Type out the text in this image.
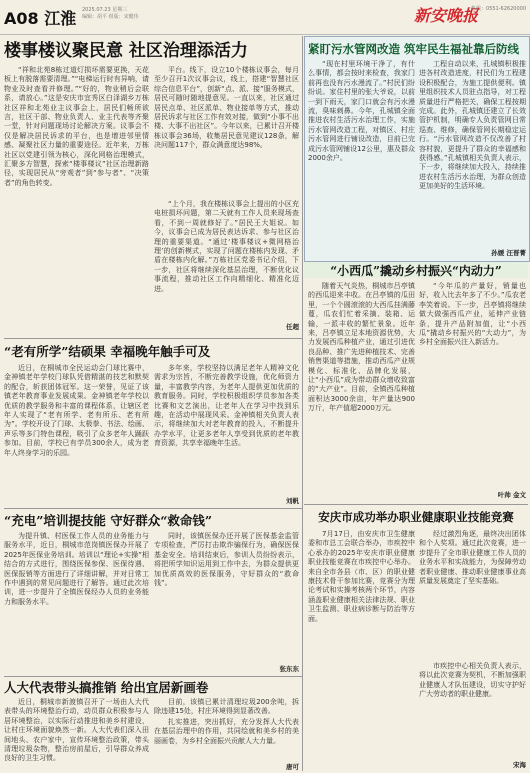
A08 江淮 2025.07.23 星期三
编辑：胡平 组版：宋健伟	新安晚报
热线：0551-62620000
楼事楼议聚民意 社区治理添活力
“祥和北苑8栋过道灯损坏需要更换，天花板上有脱落需要清理。”“电梯运行时有异响，请物业及时查看并修理。”“好的，物业稍后会联系，请放心。”这是安庆市宜秀区白泽湖乡万栋社区祥和北苑业主议事会上，居民们畅所欲言，社区干部、物业负责人、业主代表等齐聚一堂，针对问题现场讨论解决方案。议事会不仅是解决居民诉求的平台，也是增进邻里情感、凝聚社区力量的重要途径。近年来，万栋社区以党建引领为核心，深化网格治理模式，汇聚多方智慧，探索“楼事楼议”社区治理新路径，实现居民从“旁观者”到“参与者”、“决策者”的角色转变。
平台。线下，设立10个楼栋议事会，每月至少召开1次议事会议，线上，搭建“智慧社区综合信息平台”，创新“点、派、接”服务模式，居民可随时随地提意见。一直以来，社区通过居民点单、社区派单、物业接单等方式，推动居民诉求与社区工作有效对接，做到“小事不出楼、大事不出社区”。今年以来，已累计召开楼栋议事会36场，收集居民意见建议128条，解决问题117个，群众满意度达98%。
“上个月，我在楼栋议事会上提出的小区充电桩损坏问题，第二天就有工作人员来现场查看，不到一周就修好了。”居民王大姐说。如今，议事会已成为居民表达诉求、参与社区治理的重要渠道。“通过‘楼事楼议+微网格治理’的创新模式，实现了问题在楼栋内发现、矛盾在楼栋内化解。”万栋社区党委书记介绍，下一步，社区将继续深化基层治理，不断优化议事流程，推动社区工作向精细化、精准化迈进。
任超
紧盯污水管网改造 筑牢民生福祉靠后防线
“现在村里环境干净了，有什么事情，都会按时来检查，我家门前再也没有污水漫流了。”村民们纷纷说。家住村里的张大爷说，以前一到下雨天，家门口就会有污水漫流，臭味刺鼻。今年，孔城镇全面推进农村生活污水治理工作，实施污水管网改造工程，对镇区、村庄污水管网进行铺设改造，目前已完成污水管网铺设12公里，惠及群众2000余户。
工程自动以来，孔城镇积极推进各村改造进度，村民们为工程建设积极配合，为施工提供便利。镇里组织技术人员驻点指导，对工程质量进行严格把关，确保工程按期完成。此外，孔城镇还建立了长效管护机制，明确专人负责管网日常巡查、维修，确保管网长期稳定运行。“污水管网改造不仅改善了村容村貌，更提升了群众的幸福感和获得感。”孔城镇相关负责人表示，下一步，将继续加大投入，持续推进农村生活污水治理，为群众创造更加美好的生活环境。
孙媛 汪晋菁
“老有所学”结硕果 幸福晚年触手可及
近日，在桐城市全民运动会门球比赛中，金神镇老年学校门球队凭借精湛的技艺和默契的配合，斩获团体冠军。这一荣誉，见证了该镇老年教育事业发展成果。金神镇老年学校以优质的教学服务和丰富的课程体系，让辖区老年人实现了“老有所学、老有所乐、老有所为”。学校开设了门球、太极拳、书法、绘画、声乐等多门特色课程，吸引了众多老年人踊跃参加。目前，学校已有学员300余人，成为老年人终身学习的乐园。
多年来，学校坚持以满足老年人精神文化需求为宗旨，不断完善教学设施，优化师资力量，丰富教学内容，为老年人提供更加优质的教育服务。同时，学校积极组织学员参加各类比赛和文艺演出，让老年人在学习中找到乐趣，在活动中展现风采。金神镇相关负责人表示，将继续加大对老年教育的投入，不断提升办学水平，让更多老年人享受到优质的老年教育资源，共享幸福晚年生活。
刘帆
“小西瓜”撬动乡村振兴“内动力”
随着天气炎热，桐城市吕亭镇的西瓜迎来丰收。在吕亭镇的瓜田里，一个个圆滚滚的大西瓜挂满藤蔓，瓜农们忙着采摘、装箱、运输，一派丰收的繁忙景象。近年来，吕亭镇立足本地资源优势，大力发展西瓜种植产业，通过引进优良品种、推广先进种植技术、完善销售渠道等措施，推动西瓜产业规模化、标准化、品牌化发展，让“小西瓜”成为带动群众增收致富的“大产业”。目前，全镇西瓜种植面积达3000余亩，年产量达900万斤，年产值超2000万元。
“今年瓜的产量好，销量也好，收入比去年多了不少。”瓜农老李笑着说。下一步，吕亭镇将继续做大做强西瓜产业，延伸产业链条，提升产品附加值，让“小西瓜”撬动乡村振兴的“大动力”，为乡村全面振兴注入新活力。
叶帅 金文
“充电”培训提技能 守好群众“救命钱”
为提升镇、村医保工作人员的业务能力与服务水平，近日，桐城市范岗镇医保办开展了2025年医保业务培训。培训以“理论+实操”相结合的方式进行，围绕医保参保、医保待遇、医保报销等方面进行了详细讲解，并对日常工作中遇到的常见问题进行了解答。通过此次培训，进一步提升了全镇医保经办人员的业务能力和服务水平。
同时，该镇医保办还开展了医保基金监管专项检查，严厉打击欺诈骗保行为，确保医保基金安全。培训结束后，参训人员纷纷表示，将把所学知识运用到工作中去，为群众提供更加优质高效的医保服务，守好群众的“救命钱”。
张东东
安庆市成功举办职业健康职业技能竞赛
7月17日，由安庆市卫生健康委和市总工会联合举办，市疾控中心承办的2025年安庆市职业健康职业技能竞赛在市疾控中心举办。来自全市各县（市、区）的职业健康技术骨干参加比赛，竞赛分为理论考试和实操考核两个环节，内容涵盖职业健康相关法律法规、职业卫生监测、职业病诊断与防治等方面。
经过激烈角逐，最终决出团体和个人奖项。通过此次竞赛，进一步提升了全市职业健康工作人员的业务水平和实战能力，为保障劳动者职业健康、推动职业健康事业高质量发展奠定了坚实基础。
市疾控中心相关负责人表示，将以此次竞赛为契机，不断加强职业健康人才队伍建设，切实守护好广大劳动者的职业健康。
宋海
人大代表带头搞推销 给出宜居新画卷
近日，桐城市新渡镇召开了一场由人大代表带头的环境整治行动，动员群众积极参与人居环境整治，以实际行动推进和美乡村建设，让村庄环境面貌焕然一新。人大代表们深入田间地头、农户家中，宣传环境整治政策，带头清理垃圾杂物，整治房前屋后，引导群众养成良好的卫生习惯。
目前，该镇已累计清理垃圾200余吨，拆除违建15处，村庄环境得到显著改善。
扎实推进，突出抓好，充分发挥人大代表在基层治理中的作用，共同绘就和美乡村的美丽画卷，为乡村全面振兴贡献人大力量。
唐可
